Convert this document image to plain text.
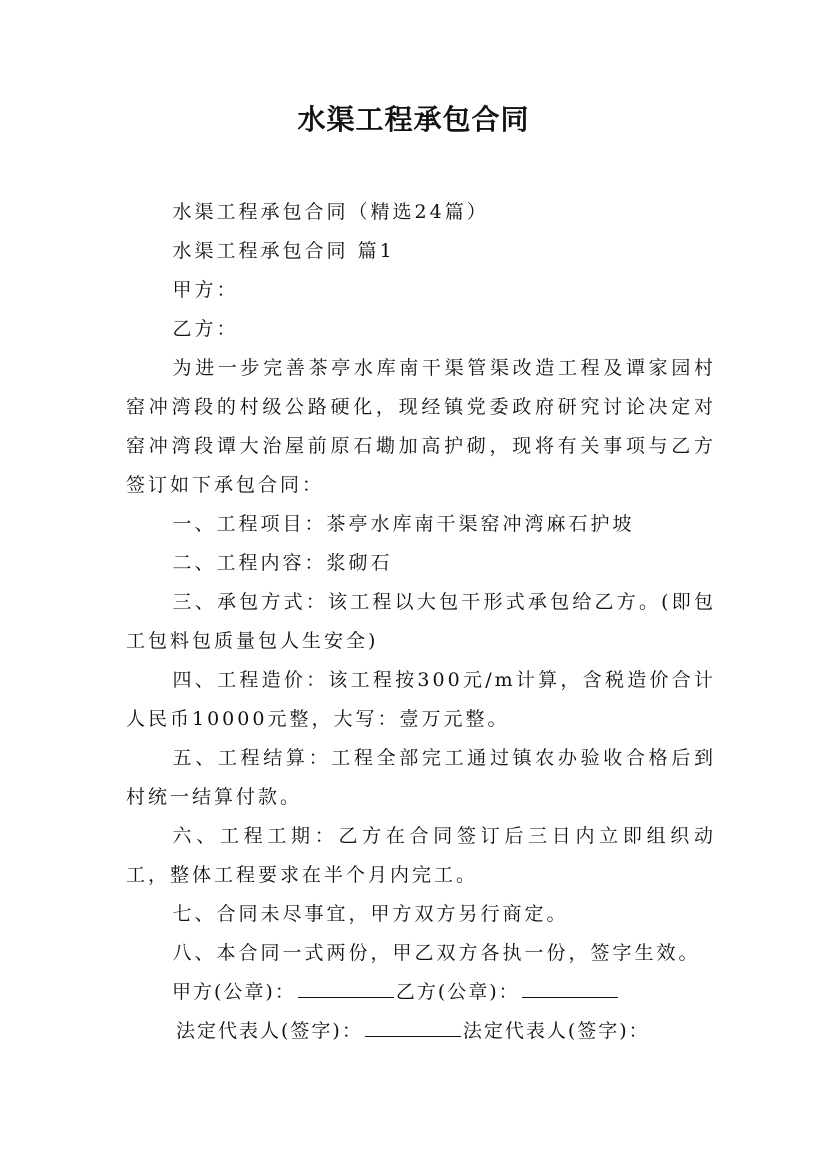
水渠工程承包合同

水渠工程承包合同（精选24篇）

水渠工程承包合同 篇1

甲方：

乙方：

为进一步完善茶亭水库南干渠管渠改造工程及谭家园村窑冲湾段的村级公路硬化，现经镇党委政府研究讨论决定对窑冲湾段谭大治屋前原石墈加高护砌，现将有关事项与乙方签订如下承包合同：

一、工程项目：茶亭水库南干渠窑冲湾麻石护坡

二、工程内容：浆砌石

三、承包方式：该工程以大包干形式承包给乙方。(即包工包料包质量包人生安全)

四、工程造价：该工程按300元/m计算，含税造价合计人民币10000元整，大写：壹万元整。

五、工程结算：工程全部完工通过镇农办验收合格后到村统一结算付款。

六、工程工期：乙方在合同签订后三日内立即组织动工，整体工程要求在半个月内完工。

七、合同未尽事宜，甲方双方另行商定。

八、本合同一式两份，甲乙双方各执一份，签字生效。

甲方(公章)：	乙方(公章)：

法定代表人(签字)：	法定代表人(签字)：
